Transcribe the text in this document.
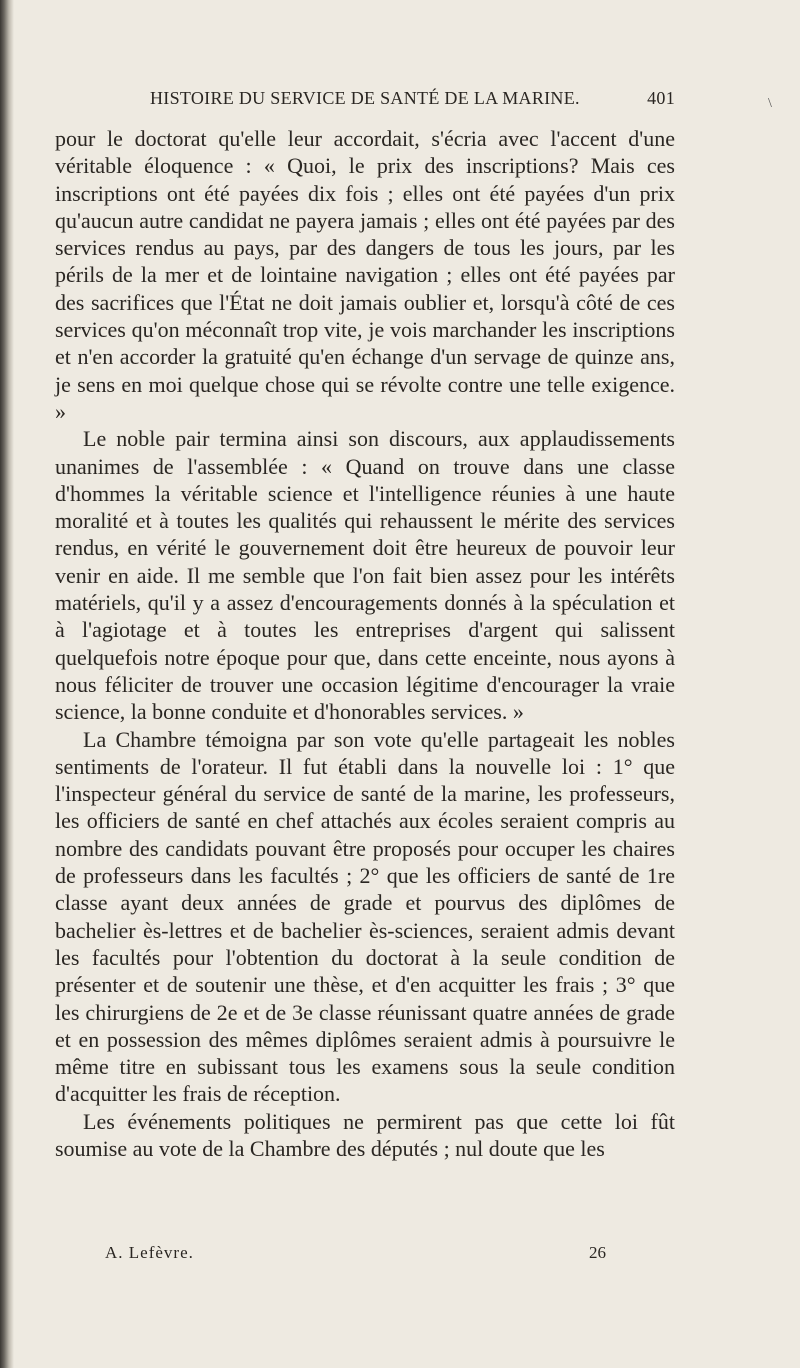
\
HISTOIRE DU SERVICE DE SANTÉ DE LA MARINE.	401

pour le doctorat qu'elle leur accordait, s'écria avec l'accent d'une véritable éloquence : « Quoi, le prix des inscriptions? Mais ces inscriptions ont été payées dix fois ; elles ont été payées d'un prix qu'aucun autre candidat ne payera jamais ; elles ont été payées par des services rendus au pays, par des dangers de tous les jours, par les périls de la mer et de lointaine navigation ; elles ont été payées par des sacrifices que l'État ne doit jamais oublier et, lorsqu'à côté de ces services qu'on méconnaît trop vite, je vois marchander les inscriptions et n'en accorder la gratuité qu'en échange d'un servage de quinze ans, je sens en moi quelque chose qui se révolte contre une telle exigence. »

Le noble pair termina ainsi son discours, aux applaudissements unanimes de l'assemblée : « Quand on trouve dans une classe d'hommes la véritable science et l'intelligence réunies à une haute moralité et à toutes les qualités qui rehaussent le mérite des services rendus, en vérité le gouvernement doit être heureux de pouvoir leur venir en aide. Il me semble que l'on fait bien assez pour les intérêts matériels, qu'il y a assez d'encouragements donnés à la spéculation et à l'agiotage et à toutes les entreprises d'argent qui salissent quelquefois notre époque pour que, dans cette enceinte, nous ayons à nous féliciter de trouver une occasion légitime d'encourager la vraie science, la bonne conduite et d'honorables services. »

La Chambre témoigna par son vote qu'elle partageait les nobles sentiments de l'orateur. Il fut établi dans la nouvelle loi : 1° que l'inspecteur général du service de santé de la marine, les professeurs, les officiers de santé en chef attachés aux écoles seraient compris au nombre des candidats pouvant être proposés pour occuper les chaires de professeurs dans les facultés ; 2° que les officiers de santé de 1re classe ayant deux années de grade et pourvus des diplômes de bachelier ès-lettres et de bachelier ès-sciences, seraient admis devant les facultés pour l'obtention du doctorat à la seule condition de présenter et de soutenir une thèse, et d'en acquitter les frais ; 3° que les chirurgiens de 2e et de 3e classe réunissant quatre années de grade et en possession des mêmes diplômes seraient admis à poursuivre le même titre en subissant tous les examens sous la seule condition d'acquitter les frais de réception.

Les événements politiques ne permirent pas que cette loi fût soumise au vote de la Chambre des députés ; nul doute que les

A. Lefèvre.	26
